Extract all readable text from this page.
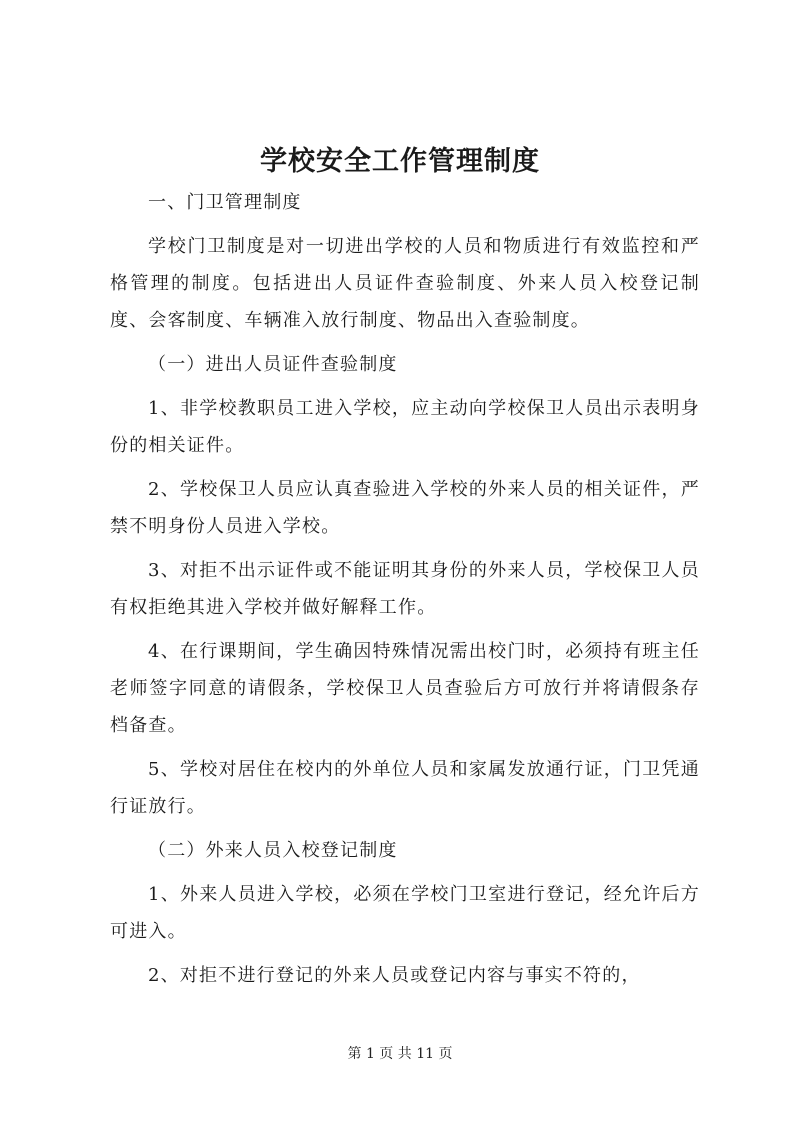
学校安全工作管理制度

一、门卫管理制度

学校门卫制度是对一切进出学校的人员和物质进行有效监控和严格管理的制度。包括进出人员证件查验制度、外来人员入校登记制度、会客制度、车辆准入放行制度、物品出入查验制度。

（一）进出人员证件查验制度

1、非学校教职员工进入学校，应主动向学校保卫人员出示表明身份的相关证件。

2、学校保卫人员应认真查验进入学校的外来人员的相关证件，严禁不明身份人员进入学校。

3、对拒不出示证件或不能证明其身份的外来人员，学校保卫人员有权拒绝其进入学校并做好解释工作。

4、在行课期间，学生确因特殊情况需出校门时，必须持有班主任老师签字同意的请假条，学校保卫人员查验后方可放行并将请假条存档备查。

5、学校对居住在校内的外单位人员和家属发放通行证，门卫凭通行证放行。

（二）外来人员入校登记制度

1、外来人员进入学校，必须在学校门卫室进行登记，经允许后方可进入。

2、对拒不进行登记的外来人员或登记内容与事实不符的，

第 1 页 共 11 页
